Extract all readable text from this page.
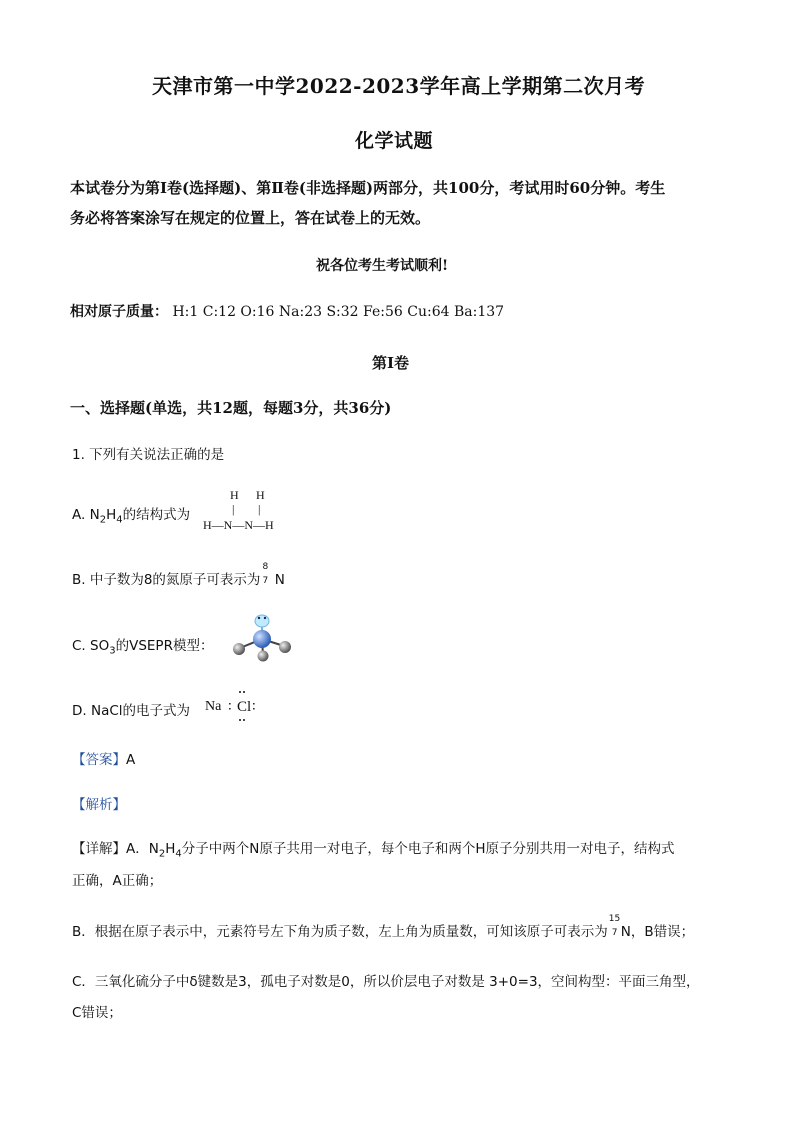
天津市第一中学2022-2023学年高上学期第二次月考
化学试题
本试卷分为第Ⅰ卷(选择题)、第Ⅱ卷(非选择题)两部分，共100分，考试用时60分钟。考生
务必将答案涂写在规定的位置上，答在试卷上的无效。
祝各位考生考试顺利!
相对原子质量： H:1 C:12 O:16 Na:23 S:32 Fe:56 Cu:64 Ba:137
第Ⅰ卷
一、选择题(单选，共12题，每题3分，共36分)
1. 下列有关说法正确的是
A. $N_2H_4$的结构式为
H H
| |
H—N—N—H
B. 中子数为8的氮原子可表示为
8
7 N
C. $SO_3$的VSEPR模型：
D. NaCl的电子式为 Na ∶ Cl ∶
【答案】A
【解析】
【详解】A．$N_2H_4$分子中两个N原子共用一对电子，每个电子和两个H原子分别共用一对电子，结构式
正确，A正确；
B．根据在原子表示中，元素符号左下角为质子数，左上角为质量数，可知该原子可表示为
15
7 N，B错误；
C．三氧化硫分子中δ键数是3，孤电子对数是0，所以价层电子对数是 3+0=3，空间构型：平面三角型，
C错误；
